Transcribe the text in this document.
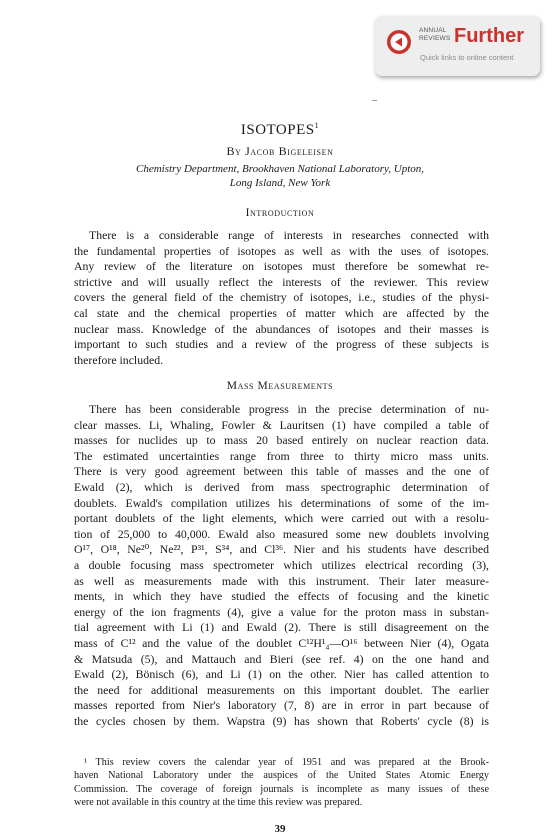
ANNUAL
REVIEWS Further
Quick links to online content
ISOTOPES$^1$
By Jacob Bigeleisen
Chemistry Department, Brookhaven National Laboratory, Upton,
Long Island, New York
Introduction
There is a considerable range of interests in researches connected with
the fundamental properties of isotopes as well as with the uses of isotopes.
Any review of the literature on isotopes must therefore be somewhat re-
strictive and will usually reflect the interests of the reviewer. This review
covers the general field of the chemistry of isotopes, i.e., studies of the physi-
cal state and the chemical properties of matter which are affected by the
nuclear mass. Knowledge of the abundances of isotopes and their masses is
important to such studies and a review of the progress of these subjects is
therefore included.
Mass Measurements
There has been considerable progress in the precise determination of nu-
clear masses. Li, Whaling, Fowler & Lauritsen (1) have compiled a table of
masses for nuclides up to mass 20 based entirely on nuclear reaction data.
The estimated uncertainties range from three to thirty micro mass units.
There is very good agreement between this table of masses and the one of
Ewald (2), which is derived from mass spectrographic determination of
doublets. Ewald's compilation utilizes his determinations of some of the im-
portant doublets of the light elements, which were carried out with a resolu-
tion of 25,000 to 40,000. Ewald also measured some new doublets involving
O¹⁷, O¹⁸, Ne²⁰, Ne²², P³¹, S³⁴, and Cl³⁶. Nier and his students have described
a double focusing mass spectrometer which utilizes electrical recording (3),
as well as measurements made with this instrument. Their later measure-
ments, in which they have studied the effects of focusing and the kinetic
energy of the ion fragments (4), give a value for the proton mass in substan-
tial agreement with Li (1) and Ewald (2). There is still disagreement on the
mass of C¹² and the value of the doublet C¹²H¹₄—O¹⁶ between Nier (4), Ogata
& Matsuda (5), and Mattauch and Bieri (see ref. 4) on the one hand and
Ewald (2), Bönisch (6), and Li (1) on the other. Nier has called attention to
the need for additional measurements on this important doublet. The earlier
masses reported from Nier's laboratory (7, 8) are in error in part because of
the cycles chosen by them. Wapstra (9) has shown that Roberts' cycle (8) is
¹ This review covers the calendar year of 1951 and was prepared at the Brook-
haven National Laboratory under the auspices of the United States Atomic Energy
Commission. The coverage of foreign journals is incomplete as many issues of these
were not available in this country at the time this review was prepared.
39
